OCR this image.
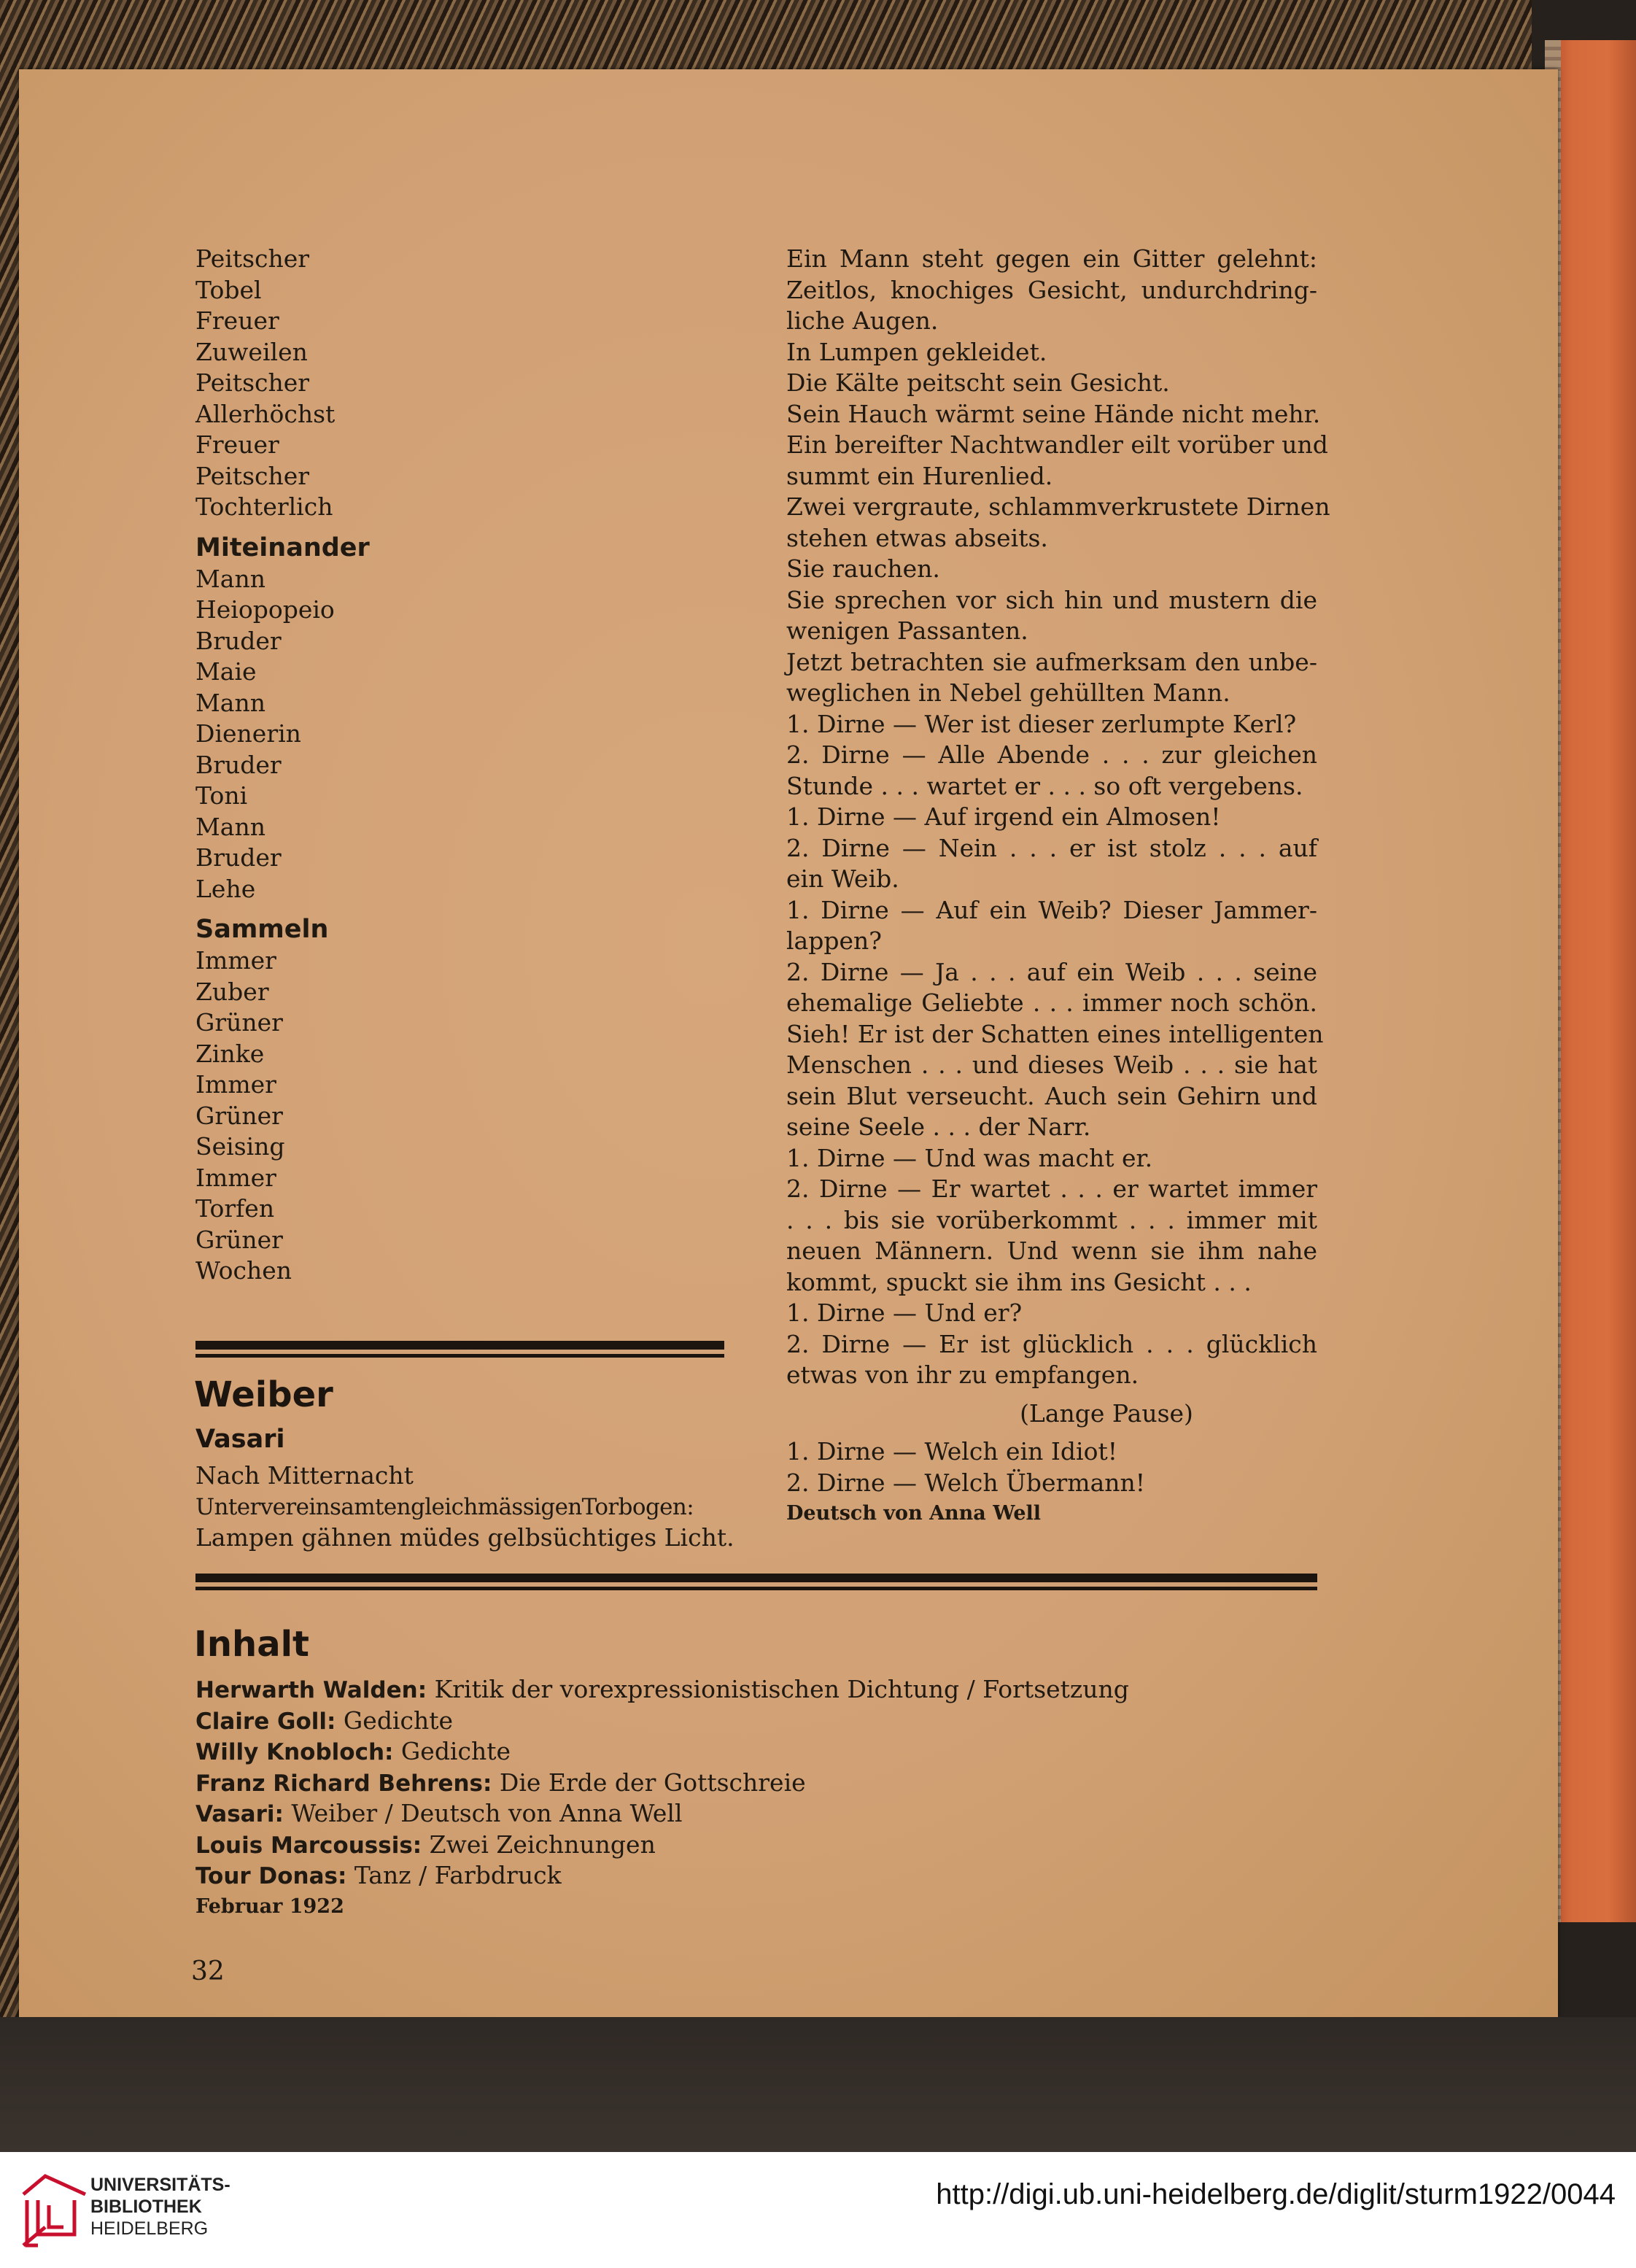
Peitscher
Tobel
Freuer
Zuweilen
Peitscher
Allerhöchst
Freuer
Peitscher
Tochterlich
Miteinander
Mann
Heiopopeio
Bruder
Maie
Mann
Dienerin
Bruder
Toni
Mann
Bruder
Lehe
Sammeln
Immer
Zuber
Grüner
Zinke
Immer
Grüner
Seising
Immer
Torfen
Grüner
Wochen
Weiber
Vasari
Nach Mitternacht
UntervereinsamtengleichmässigenTorbogen:
Lampen gähnen müdes gelbsüchtiges Licht.
Ein Mann steht gegen ein Gitter gelehnt:
Zeitlos, knochiges Gesicht, undurchdring-
liche Augen.
In Lumpen gekleidet.
Die Kälte peitscht sein Gesicht.
Sein Hauch wärmt seine Hände nicht mehr.
Ein bereifter Nachtwandler eilt vorüber und
summt ein Hurenlied.
Zwei vergraute, schlammverkrustete Dirnen
stehen etwas abseits.
Sie rauchen.
Sie sprechen vor sich hin und mustern die
wenigen Passanten.
Jetzt betrachten sie aufmerksam den unbe-
weglichen in Nebel gehüllten Mann.
1. Dirne — Wer ist dieser zerlumpte Kerl?
2. Dirne — Alle Abende . . . zur gleichen
Stunde . . . wartet er . . . so oft vergebens.
1. Dirne — Auf irgend ein Almosen!
2. Dirne — Nein . . . er ist stolz . . . auf
ein Weib.
1. Dirne — Auf ein Weib? Dieser Jammer-
lappen?
2. Dirne — Ja . . . auf ein Weib . . . seine
ehemalige Geliebte . . . immer noch schön.
Sieh! Er ist der Schatten eines intelligenten
Menschen . . . und dieses Weib . . . sie hat
sein Blut verseucht. Auch sein Gehirn und
seine Seele . . . der Narr.
1. Dirne — Und was macht er.
2. Dirne — Er wartet . . . er wartet immer
. . . bis sie vorüberkommt . . . immer mit
neuen Männern. Und wenn sie ihm nahe
kommt, spuckt sie ihm ins Gesicht . . .
1. Dirne — Und er?
2. Dirne — Er ist glücklich . . . glücklich
etwas von ihr zu empfangen.
(Lange Pause)
1. Dirne — Welch ein Idiot!
2. Dirne — Welch Übermann!
Deutsch von Anna Well
Inhalt
Herwarth Walden: Kritik der vorexpressionistischen Dichtung / Fortsetzung
Claire Goll: Gedichte
Willy Knobloch: Gedichte
Franz Richard Behrens: Die Erde der Gottschreie
Vasari: Weiber / Deutsch von Anna Well
Louis Marcoussis: Zwei Zeichnungen
Tour Donas: Tanz / Farbdruck
Februar 1922
32
UNIVERSITÄTS-
BIBLIOTHEK
HEIDELBERG
http://digi.ub.uni-heidelberg.de/diglit/sturm1922/0044
